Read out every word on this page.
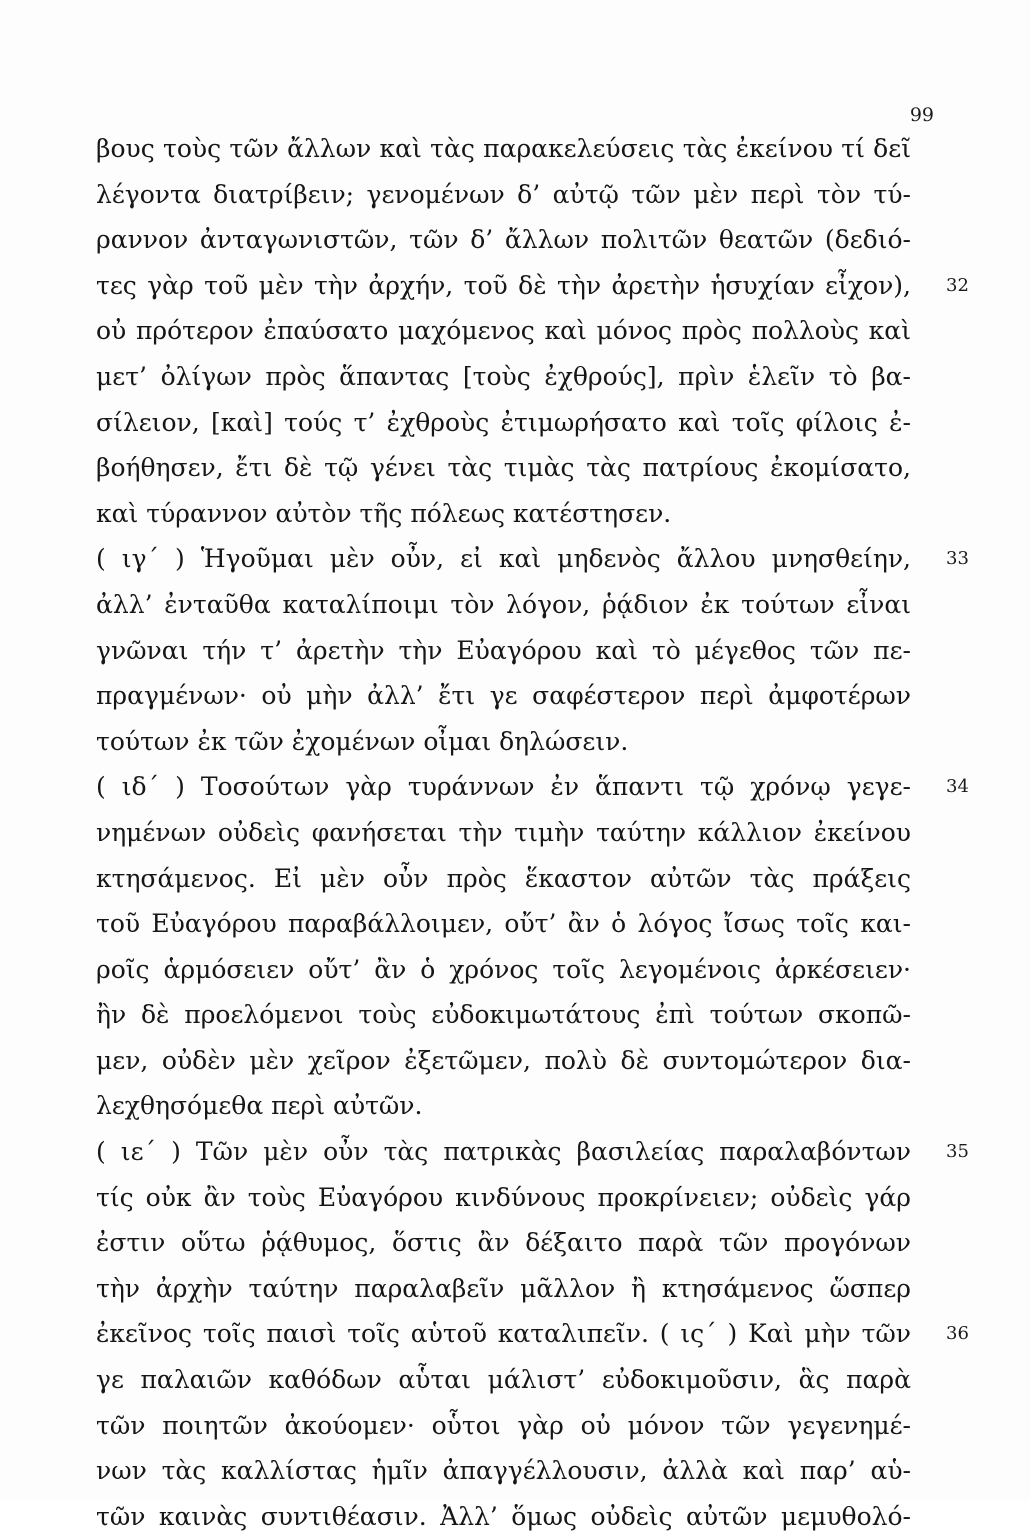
99
βους τοὺς τῶν ἄλλων καὶ τὰς παρακελεύσεις τὰς ἐκείνου τί δεῖ
λέγοντα διατρίβειν; γενομένων δ’ αὐτῷ τῶν μὲν περὶ τὸν τύ-
ραννον ἀνταγωνιστῶν, τῶν δ’ ἄλλων πολιτῶν θεατῶν (δεδιό-
τες γὰρ τοῦ μὲν τὴν ἀρχήν, τοῦ δὲ τὴν ἀρετὴν ἡσυχίαν εἶχον), 32
οὐ πρότερον ἐπαύσατο μαχόμενος καὶ μόνος πρὸς πολλοὺς καὶ
μετ’ ὀλίγων πρὸς ἅπαντας [τοὺς ἐχθρούς], πρὶν ἑλεῖν τὸ βα-
σίλειον, [καὶ] τούς τ’ ἐχθροὺς ἐτιμωρήσατο καὶ τοῖς φίλοις ἐ-
βοήθησεν, ἔτι δὲ τῷ γένει τὰς τιμὰς τὰς πατρίους ἐκομίσατο,
καὶ τύραννον αὐτὸν τῆς πόλεως κατέστησεν.
( ιγ΄ ) Ἡγοῦμαι μὲν οὖν, εἰ καὶ μηδενὸς ἄλλου μνησθείην, 33
ἀλλ’ ἐνταῦθα καταλίποιμι τὸν λόγον, ῥᾴδιον ἐκ τούτων εἶναι
γνῶναι τήν τ’ ἀρετὴν τὴν Εὐαγόρου καὶ τὸ μέγεθος τῶν πε-
πραγμένων· οὐ μὴν ἀλλ’ ἔτι γε σαφέστερον περὶ ἀμφοτέρων
τούτων ἐκ τῶν ἐχομένων οἶμαι δηλώσειν.
( ιδ΄ ) Τοσούτων γὰρ τυράννων ἐν ἅπαντι τῷ χρόνῳ γεγε- 34
νημένων οὐδεὶς φανήσεται τὴν τιμὴν ταύτην κάλλιον ἐκείνου
κτησάμενος. Εἰ μὲν οὖν πρὸς ἕκαστον αὐτῶν τὰς πράξεις
τοῦ Εὐαγόρου παραβάλλοιμεν, οὔτ’ ἂν ὁ λόγος ἴσως τοῖς και-
ροῖς ἁρμόσειεν οὔτ’ ἂν ὁ χρόνος τοῖς λεγομένοις ἀρκέσειεν·
ἢν δὲ προελόμενοι τοὺς εὐδοκιμωτάτους ἐπὶ τούτων σκοπῶ-
μεν, οὐδὲν μὲν χεῖρον ἐξετῶμεν, πολὺ δὲ συντομώτερον δια-
λεχθησόμεθα περὶ αὐτῶν.
( ιε΄ ) Τῶν μὲν οὖν τὰς πατρικὰς βασιλείας παραλαβόντων 35
τίς οὐκ ἂν τοὺς Εὐαγόρου κινδύνους προκρίνειεν; οὐδεὶς γάρ
ἐστιν οὕτω ῥᾴθυμος, ὅστις ἂν δέξαιτο παρὰ τῶν προγόνων
τὴν ἀρχὴν ταύτην παραλαβεῖν μᾶλλον ἢ κτησάμενος ὥσπερ
ἐκεῖνος τοῖς παισὶ τοῖς αὑτοῦ καταλιπεῖν. ( ις΄ ) Καὶ μὴν τῶν 36
γε παλαιῶν καθόδων αὗται μάλιστ’ εὐδοκιμοῦσιν, ἃς παρὰ
τῶν ποιητῶν ἀκούομεν· οὗτοι γὰρ οὐ μόνον τῶν γεγενημέ-
νων τὰς καλλίστας ἡμῖν ἀπαγγέλλουσιν, ἀλλὰ καὶ παρ’ αὑ-
τῶν καινὰς συντιθέασιν. Ἀλλ’ ὅμως οὐδεὶς αὐτῶν μεμυθολό-
